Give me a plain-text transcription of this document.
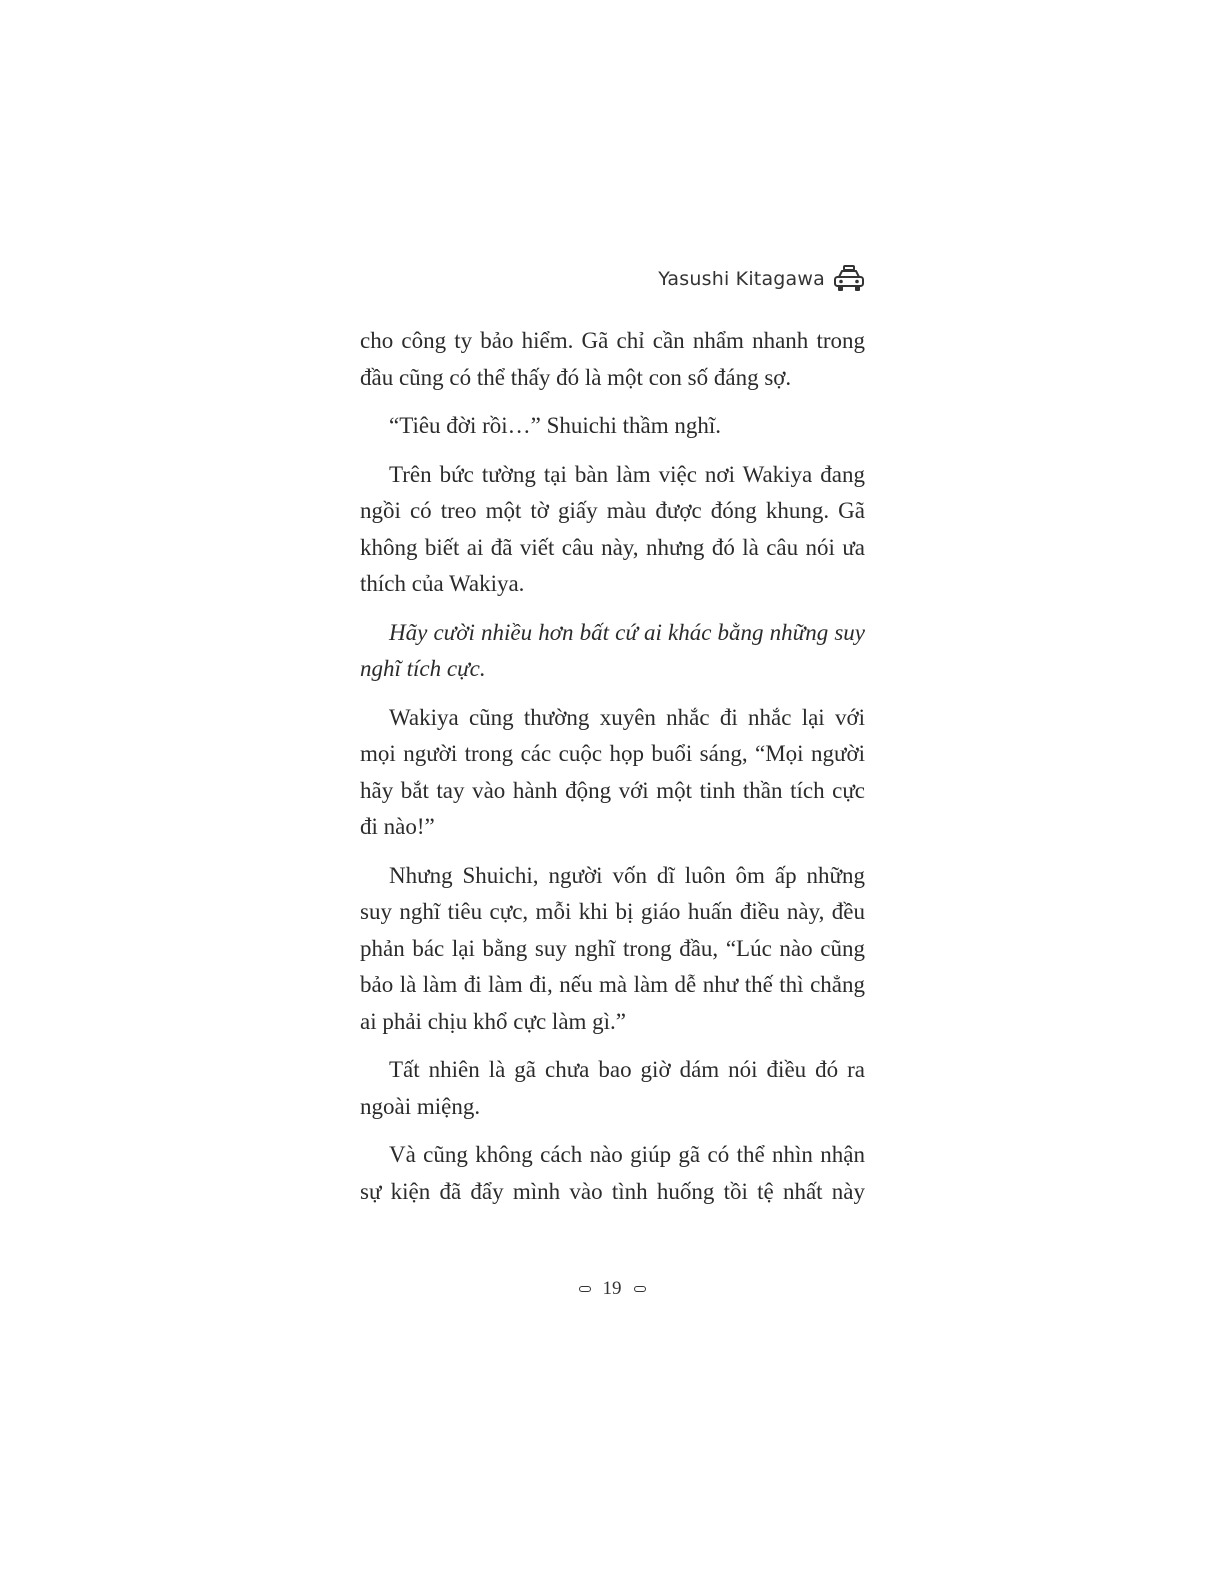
Yasushi Kitagawa

cho công ty bảo hiểm. Gã chỉ cần nhẩm nhanh trong đầu cũng có thể thấy đó là một con số đáng sợ.

“Tiêu đời rồi…” Shuichi thầm nghĩ.

Trên bức tường tại bàn làm việc nơi Wakiya đang ngồi có treo một tờ giấy màu được đóng khung. Gã không biết ai đã viết câu này, nhưng đó là câu nói ưa thích của Wakiya.

Hãy cười nhiều hơn bất cứ ai khác bằng những suy nghĩ tích cực.

Wakiya cũng thường xuyên nhắc đi nhắc lại với mọi người trong các cuộc họp buổi sáng, “Mọi người hãy bắt tay vào hành động với một tinh thần tích cực đi nào!”

Nhưng Shuichi, người vốn dĩ luôn ôm ấp những suy nghĩ tiêu cực, mỗi khi bị giáo huấn điều này, đều phản bác lại bằng suy nghĩ trong đầu, “Lúc nào cũng bảo là làm đi làm đi, nếu mà làm dễ như thế thì chẳng ai phải chịu khổ cực làm gì.”

Tất nhiên là gã chưa bao giờ dám nói điều đó ra ngoài miệng.

Và cũng không cách nào giúp gã có thể nhìn nhận sự kiện đã đẩy mình vào tình huống tồi tệ nhất này

19
